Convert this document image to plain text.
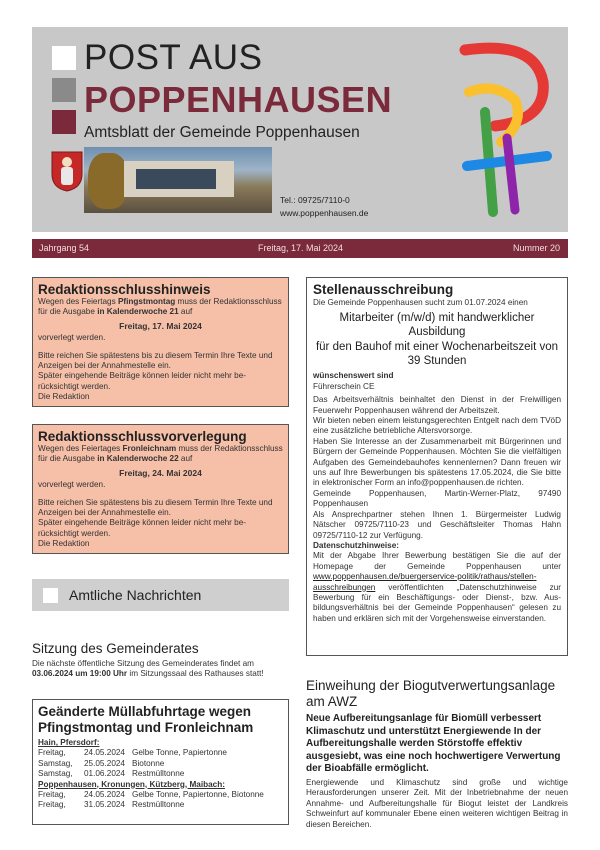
POST AUS
POPPENHAUSEN
Amtsblatt der Gemeinde Poppenhausen
Tel.: 09725/7110-0
www.poppenhausen.de
Jahrgang 54	Freitag, 17. Mai 2024	Nummer 20
Redaktionsschlusshinweis

Wegen des Feiertags Pfingstmontag muss der Redaktionsschluss für die Ausgabe in Kalenderwoche 21 auf

Freitag, 17. Mai 2024

vorverlegt werden.

Bitte reichen Sie spätestens bis zu diesem Termin Ihre Texte und Anzeigen bei der Annahmestelle ein.

Später eingehende Beiträge können leider nicht mehr berücksichtigt werden.

Die Redaktion

Redaktionsschlussvorverlegung

Wegen des Feiertages Fronleichnam muss der Redaktionsschluss für die Ausgabe in Kalenderwoche 22 auf

Freitag, 24. Mai 2024

vorverlegt werden.

Bitte reichen Sie spätestens bis zu diesem Termin Ihre Texte und Anzeigen bei der Annahmestelle ein.

Später eingehende Beiträge können leider nicht mehr berücksichtigt werden.

Die Redaktion

Amtliche Nachrichten
Sitzung des Gemeinderates
Die nächste öffentliche Sitzung des Gemeinderates findet am 03.06.2024 um 19:00 Uhr im Sitzungssaal des Rathauses statt!
Geänderte Müllabfuhrtage wegen Pfingstmontag und Fronleichnam

Hain, Pfersdorf:

Freitag,	24.05.2024 Gelbe Tonne, Papiertonne
Samstag,	25.05.2024 Biotonne
Samstag,	01.06.2024 Restmülltonne

Poppenhausen, Kronungen, Kützberg, Maibach:

Freitag,	24.05.2024 Gelbe Tonne, Papiertonne, Biotonne
Freitag,	31.05.2024 Restmülltonne
Stellenausschreibung

Die Gemeinde Poppenhausen sucht zum 01.07.2024 einen

Mitarbeiter (m/w/d) mit handwerklicher Ausbildung

für den Bauhof mit einer Wochenarbeitszeit von 39 Stunden

wünschenswert sind

Führerschein CE

Das Arbeitsverhältnis beinhaltet den Dienst in der Freiwilligen Feuerwehr Poppenhausen während der Arbeitszeit.

Wir bieten neben einem leistungsgerechten Entgelt nach dem TVöD eine zusätzliche betriebliche Altersvorsorge.

Haben Sie Interesse an der Zusammenarbeit mit Bürgerinnen und Bürgern der Gemeinde Poppenhausen. Möchten Sie die vielfältigen Aufgaben des Gemeindebauhofes kennenlernen? Dann freuen wir uns auf Ihre Bewerbungen bis spätestens 17.05.2024, die Sie bitte in elektronischer Form an info@poppenhausen.de richten.

Gemeinde Poppenhausen, Martin-Werner-Platz, 97490 Poppenhausen

Als Ansprechpartner stehen Ihnen 1. Bürgermeister Ludwig Nätscher 09725/7110-23 und Geschäftsleiter Thomas Hahn 09725/7110-12 zur Verfügung.

Datenschutzhinweise:

Mit der Abgabe Ihrer Bewerbung bestätigen Sie die auf der Homepage der Gemeinde Poppenhausen unter www.poppenhausen.de/buergerservice-politik/rathaus/stellenausschreibungen veröffentlichten „Datenschutzhinweise zur Bewerbung für ein Beschäftigungs- oder Dienst-, bzw. Ausbildungsverhältnis bei der Gemeinde Poppenhausen“ gelesen zu haben und erklären sich mit der Vorgehensweise einverstanden.

Einweihung der Biogutverwertungsanlage am AWZ
Neue Aufbereitungsanlage für Biomüll verbessert Klimaschutz und unterstützt Energiewende In der Aufbereitungshalle werden Störstoffe effektiv ausgesiebt, was eine noch hochwertigere Verwertung der Bioabfälle ermöglicht.
Energiewende und Klimaschutz sind große und wichtige Herausforderungen unserer Zeit. Mit der Inbetriebnahme der neuen Annahme- und Aufbereitungshalle für Biogut leistet der Landkreis Schweinfurt auf kommunaler Ebene einen weiteren wichtigen Beitrag in diesen Bereichen.
